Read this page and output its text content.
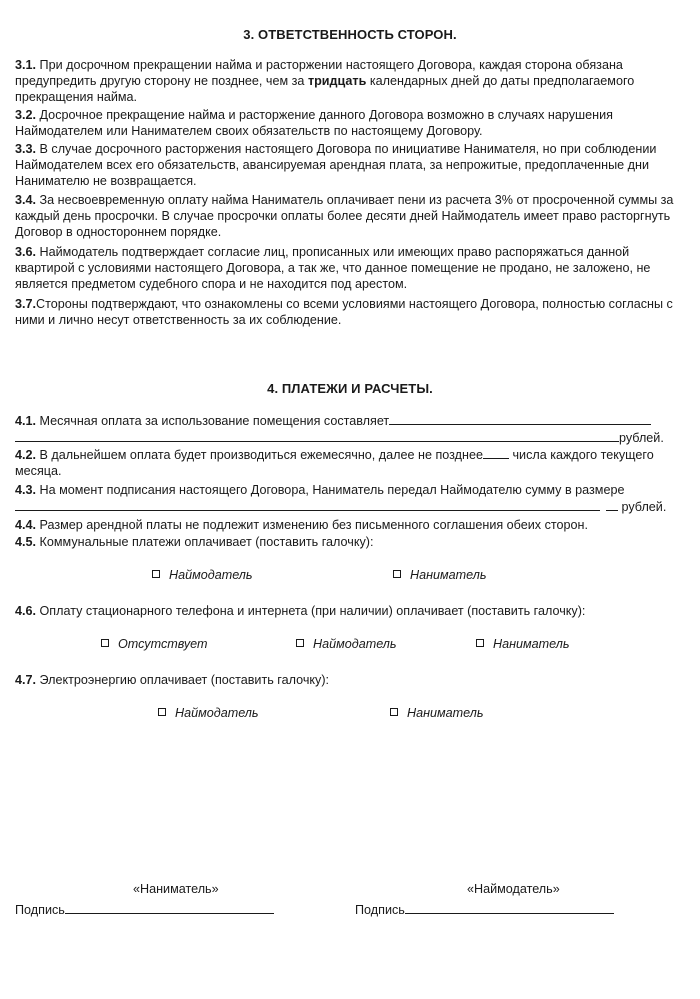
3. ОТВЕТСТВЕННОСТЬ СТОРОН.

3.1. При досрочном прекращении найма и расторжении настоящего Договора, каждая сторона обязана предупредить другую сторону не позднее, чем за тридцать календарных дней до даты предполагаемого прекращения найма.

3.2. Досрочное прекращение найма и расторжение данного Договора возможно в случаях нарушения Наймодателем или Нанимателем своих обязательств по настоящему Договору.

3.3. В случае досрочного расторжения настоящего Договора по инициативе Нанимателя, но при соблюдении Наймодателем всех его обязательств, авансируемая арендная плата, за непрожитые, предоплаченные дни Нанимателю не возвращается.

3.4. За несвоевременную оплату найма Наниматель оплачивает пени из расчета 3% от просроченной суммы за каждый день просрочки. В случае просрочки оплаты более десяти дней Наймодатель имеет право расторгнуть Договор в одностороннем порядке.

3.6. Наймодатель подтверждает согласие лиц, прописанных или имеющих право распоряжаться данной квартирой с условиями настоящего Договора, а так же, что данное помещение не продано, не заложено, не является предметом судебного спора и не находится под арестом.

3.7.Стороны подтверждают, что ознакомлены со всеми условиями настоящего Договора, полностью согласны с ними и лично несут ответственность за их соблюдение.

4. ПЛАТЕЖИ И РАСЧЕТЫ.
4.1. Месячная оплата за использование помещения составляет
рублей.

4.2. В дальнейшем оплата будет производиться ежемесячно, далее не позднее числа каждого текущего месяца.

4.3. На момент подписания настоящего Договора, Наниматель передал Наймодателю сумму в размере
рублей.
4.4. Размер арендной платы не подлежит изменению без письменного соглашения обеих сторон.
4.5. Коммунальные платежи оплачивает (поставить галочку):
Наймодатель	Наниматель
4.6. Оплату стационарного телефона и интернета (при наличии) оплачивает (поставить галочку):
Отсутствует	Наймодатель	Наниматель
4.7. Электроэнергию оплачивает (поставить галочку):
Наймодатель	Наниматель
«Наниматель»	«Наймодатель»
Подпись	Подпись
